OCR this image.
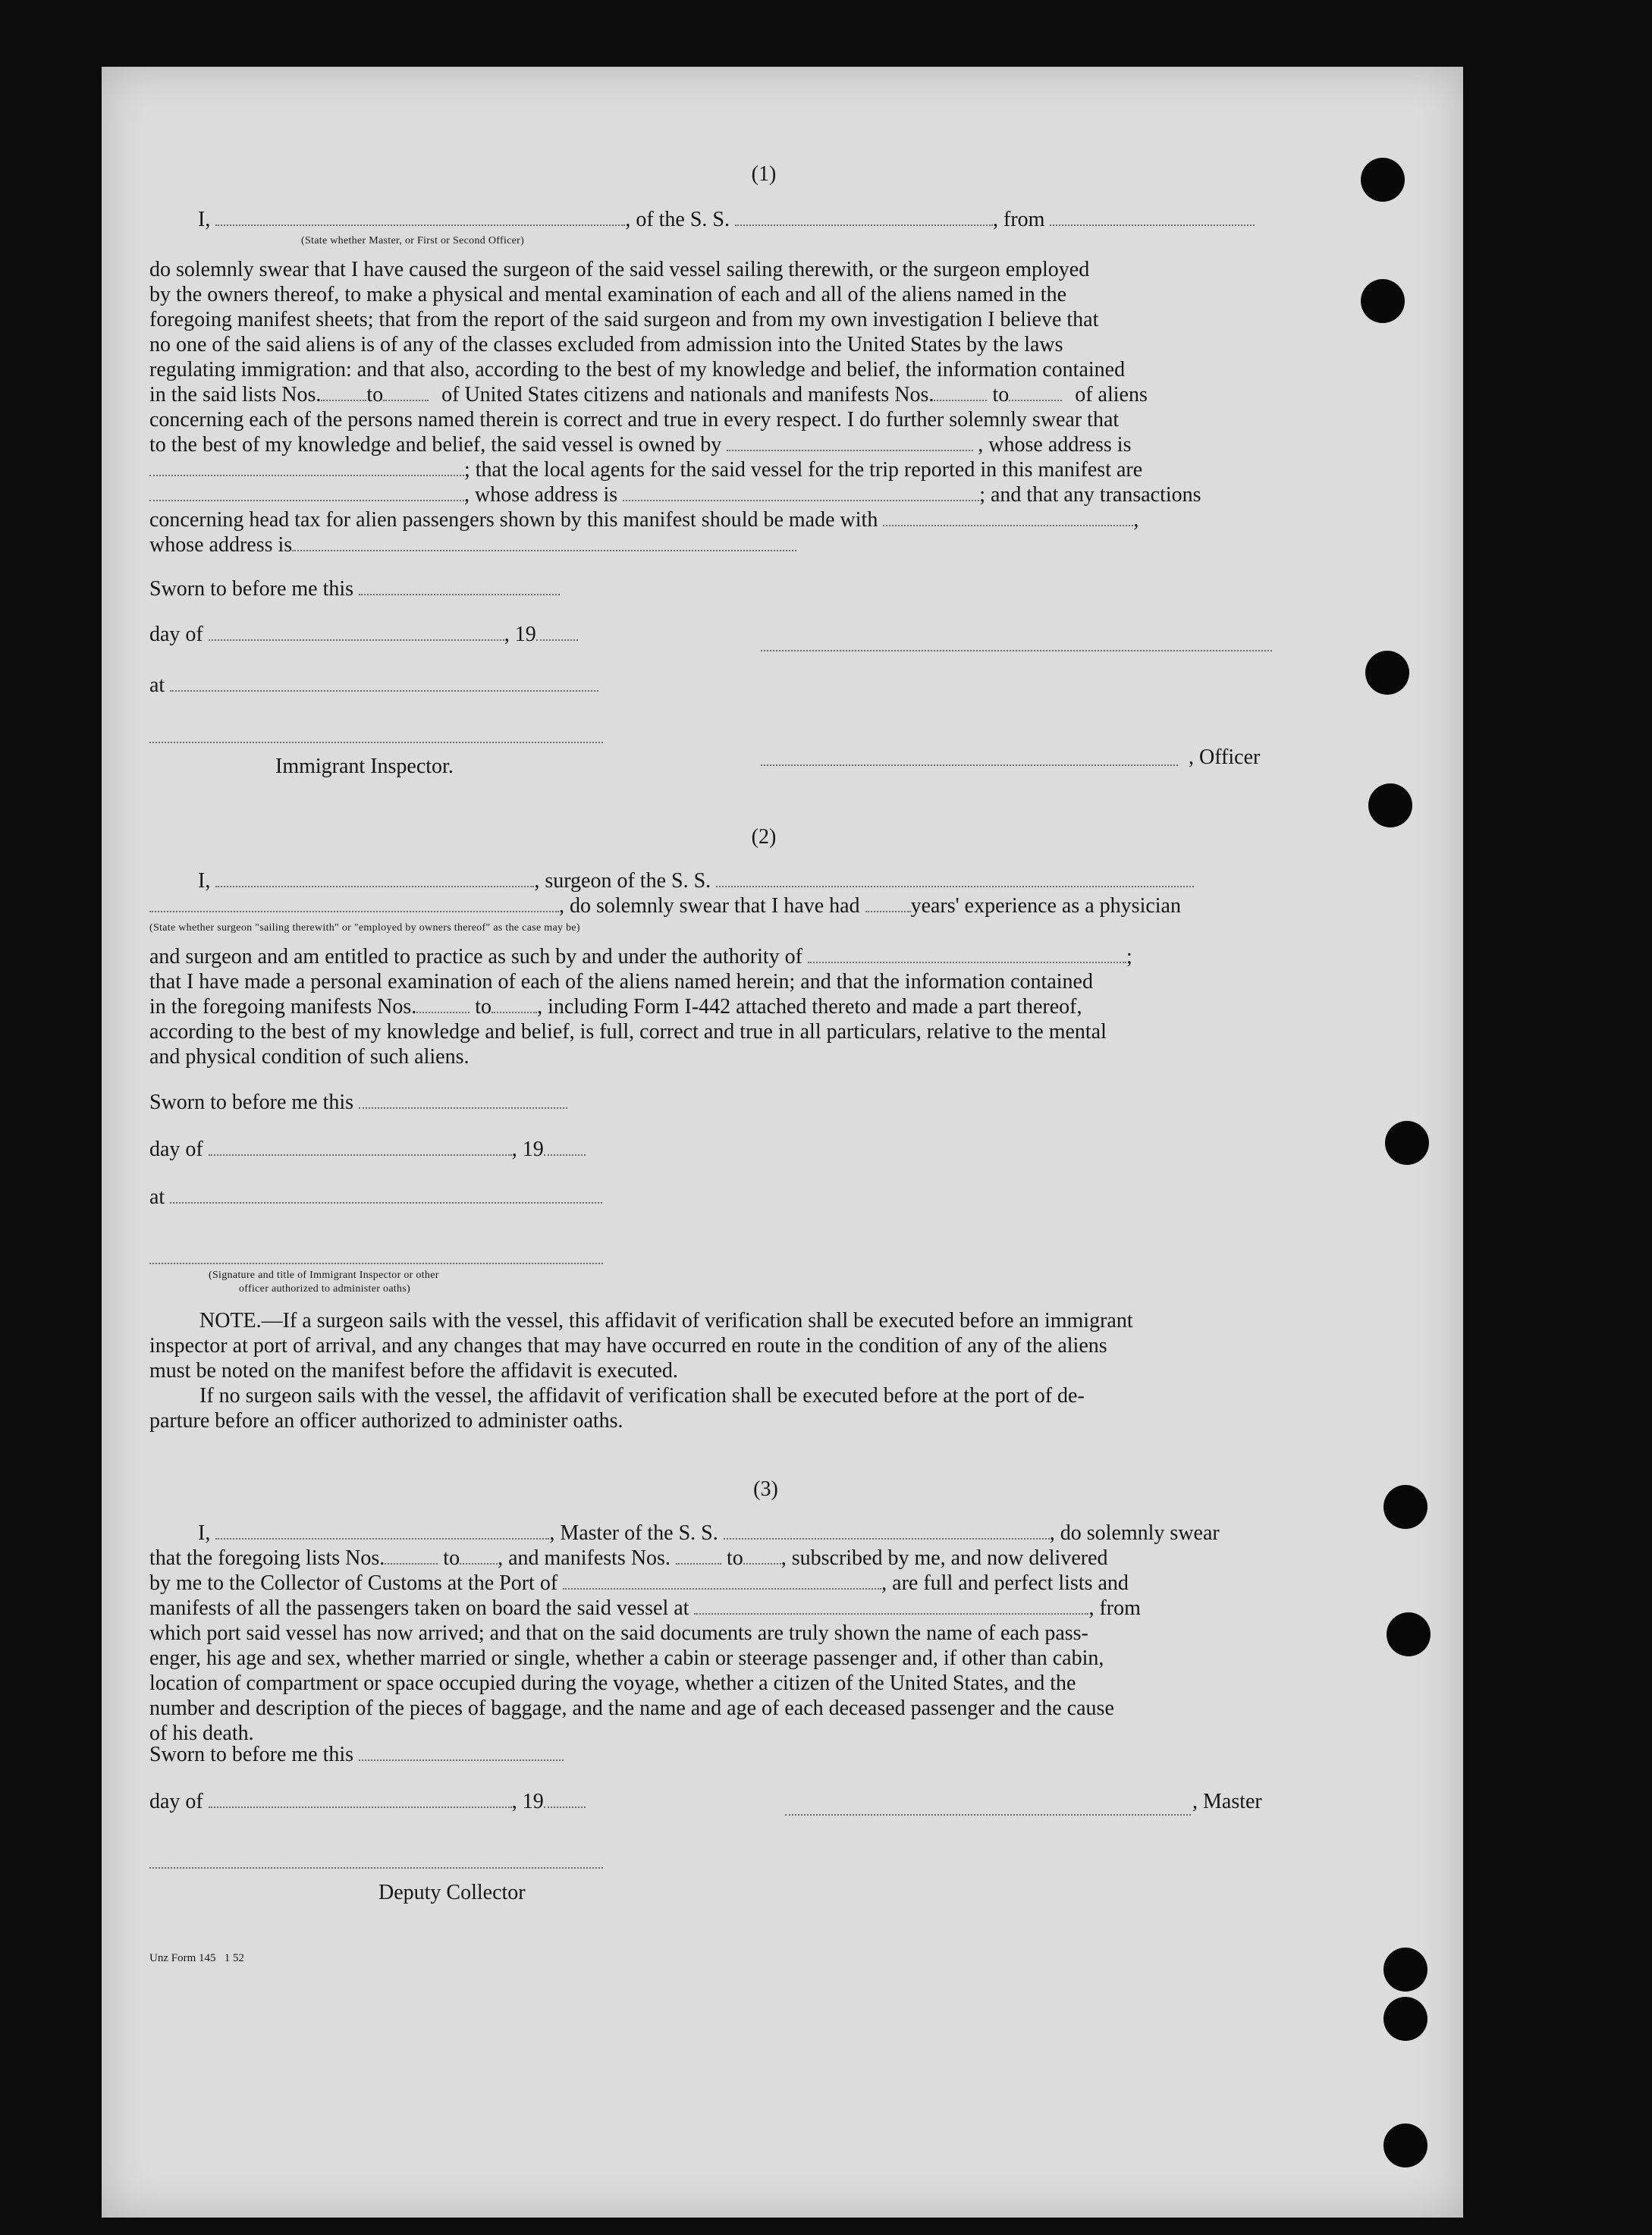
(1)
I,	, of the S. S.	, from
(State whether Master, or First or Second Officer)
do solemnly swear that I have caused the surgeon of the said vessel sailing therewith, or the surgeon employed
by the owners thereof, to make a physical and mental examination of each and all of the aliens named in the
foregoing manifest sheets; that from the report of the said surgeon and from my own investigation I believe that
no one of the said aliens is of any of the classes excluded from admission into the United States by the laws
regulating immigration: and that also, according to the best of my knowledge and belief, the information contained
in the said lists Nos. to	of United States citizens and nationals and manifests Nos.	to	of aliens
concerning each of the persons named therein is correct and true in every respect. I do further solemnly swear that
to the best of my knowledge and belief, the said vessel is owned by	, whose address is
; that the local agents for the said vessel for the trip reported in this manifest are
, whose address is	; and that any transactions
concerning head tax for alien passengers shown by this manifest should be made with	,
whose address is
Sworn to before me this
day of	, 19
at
Immigrant Inspector.	, Officer
(2)
I,	, surgeon of the S. S.
, do solemnly swear that I have had years' experience as a physician
(State whether surgeon "sailing therewith" or "employed by owners thereof" as the case may be)
and surgeon and am entitled to practice as such by and under the authority of	;
that I have made a personal examination of each of the aliens named herein; and that the information contained
in the foregoing manifests Nos.	to , including Form I-442 attached thereto and made a part thereof,
according to the best of my knowledge and belief, is full, correct and true in all particulars, relative to the mental
and physical condition of such aliens.
Sworn to before me this
day of	, 19
at
(Signature and title of Immigrant Inspector or other
officer authorized to administer oaths)
NOTE.—If a surgeon sails with the vessel, this affidavit of verification shall be executed before an immigrant
inspector at port of arrival, and any changes that may have occurred en route in the condition of any of the aliens
must be noted on the manifest before the affidavit is executed.
If no surgeon sails with the vessel, the affidavit of verification shall be executed before at the port of de-
parture before an officer authorized to administer oaths.
(3)
I,	, Master of the S. S.	, do solemnly swear
that the foregoing lists Nos.	to , and manifests Nos.	to , subscribed by me, and now delivered
by me to the Collector of Customs at the Port of	, are full and perfect lists and
manifests of all the passengers taken on board the said vessel at	, from
which port said vessel has now arrived; and that on the said documents are truly shown the name of each pass-
enger, his age and sex, whether married or single, whether a cabin or steerage passenger and, if other than cabin,
location of compartment or space occupied during the voyage, whether a citizen of the United States, and the
number and description of the pieces of baggage, and the name and age of each deceased passenger and the cause
of his death.
Sworn to before me this
day of	, 19	, Master
Deputy Collector
Unz Form 145   1 52
